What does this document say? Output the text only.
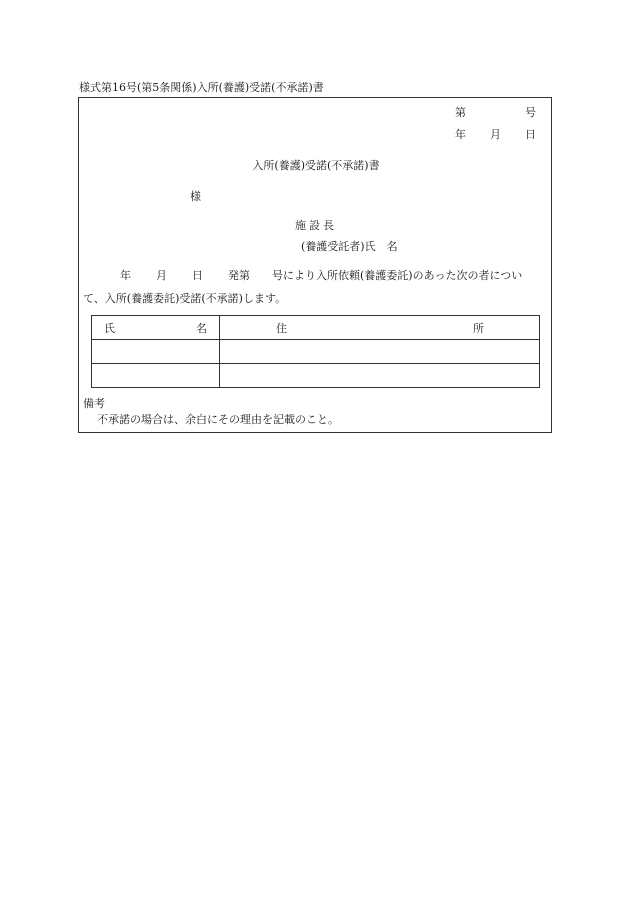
様式第16号(第5条関係)入所(養護)受諾(不承諾)書
第	号
年 月 日
入所(養護)受諾(不承諾)書
様
施設長
(養護受託者)氏　名
年 月 日 発第 号により入所依頼(養護委託)のあった次の者につい
て、入所(養護委託)受諾(不承諾)します。
氏 名	住 所

備考
不承諾の場合は、余白にその理由を記載のこと。
